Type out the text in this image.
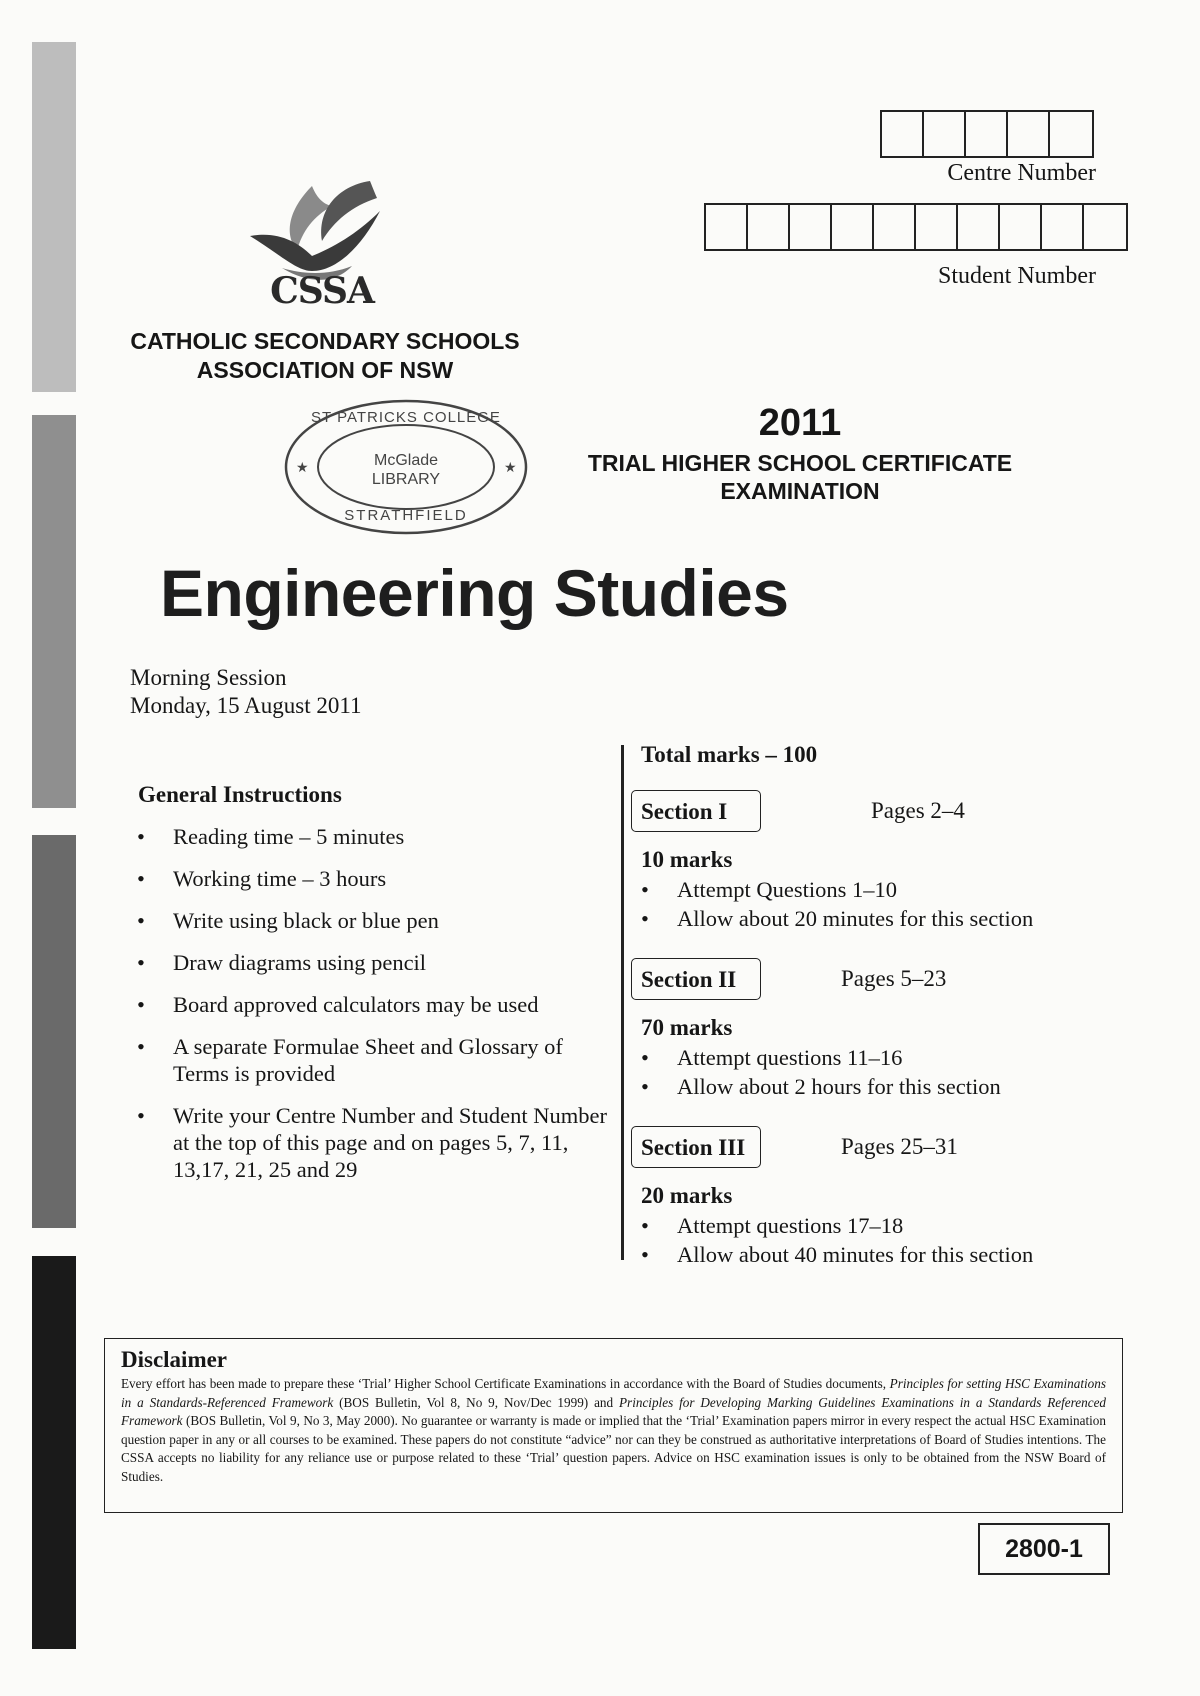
Centre Number
Student Number
CSSA
CATHOLIC SECONDARY SCHOOLS
ASSOCIATION OF NSW
★	★
ST PATRICKS COLLEGE
McGlade
LIBRARY
STRATHFIELD
2011
TRIAL HIGHER SCHOOL CERTIFICATE
EXAMINATION
Engineering Studies
Morning Session
Monday, 15 August 2011
General Instructions
• Reading time – 5 minutes
• Working time – 3 hours
• Write using black or blue pen
• Draw diagrams using pencil
• Board approved calculators may be used
• A separate Formulae Sheet and Glossary of Terms is provided
• Write your Centre Number and Student Number at the top of this page and on pages 5, 7, 11, 13,17, 21, 25 and 29
Total marks – 100
Section I	Pages 2–4
10 marks
• Attempt Questions 1–10
• Allow about 20 minutes for this section
Section II	Pages 5–23
70 marks
• Attempt questions 11–16
• Allow about 2 hours for this section
Section III	Pages 25–31
20 marks
• Attempt questions 17–18
• Allow about 40 minutes for this section
Disclaimer
Every effort has been made to prepare these ‘Trial’ Higher School Certificate Examinations in accordance with the Board of Studies documents, Principles for setting HSC Examinations in a Standards-Referenced Framework (BOS Bulletin, Vol 8, No 9, Nov/Dec 1999) and Principles for Developing Marking Guidelines Examinations in a Standards Referenced Framework (BOS Bulletin, Vol 9, No 3, May 2000). No guarantee or warranty is made or implied that the ‘Trial’ Examination papers mirror in every respect the actual HSC Examination question paper in any or all courses to be examined. These papers do not constitute “advice” nor can they be construed as authoritative interpretations of Board of Studies intentions. The CSSA accepts no liability for any reliance use or purpose related to these ‘Trial’ question papers. Advice on HSC examination issues is only to be obtained from the NSW Board of Studies.
2800-1
